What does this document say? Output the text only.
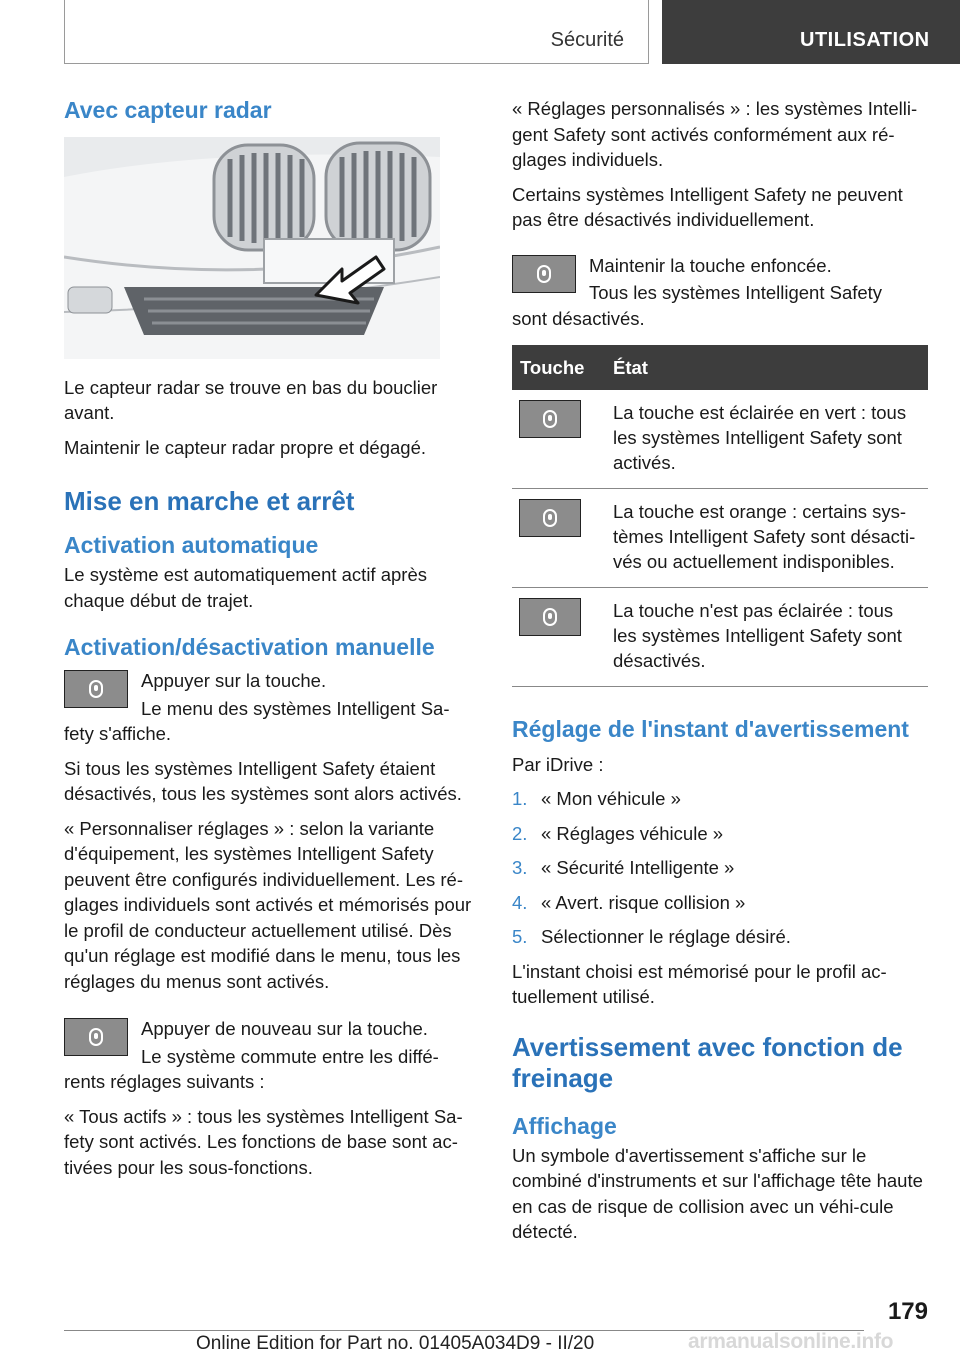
Sécurité	UTILISATION
Avec capteur radar

Le capteur radar se trouve en bas du bouclier avant.

Maintenir le capteur radar propre et dégagé.

Mise en marche et arrêt
Activation automatique

Le système est automatiquement actif après chaque début de trajet.

Activation/désactivation manuelle

Appuyer sur la touche.

Le menu des systèmes Intelligent Sa-

fety s'affiche.

Si tous les systèmes Intelligent Safety étaient désactivés, tous les systèmes sont alors activés.

« Personnaliser réglages » : selon la variante d'équipement, les systèmes Intelligent Safety peuvent être configurés individuellement. Les ré-glages individuels sont activés et mémorisés pour le profil de conducteur actuellement utilisé. Dès qu'un réglage est modifié dans le menu, tous les réglages du menus sont activés.

Appuyer de nouveau sur la touche.

Le système commute entre les diffé-

rents réglages suivants :

« Tous actifs » : tous les systèmes Intelligent Sa-fety sont activés. Les fonctions de base sont ac-tivées pour les sous-fonctions.

« Réglages personnalisés » : les systèmes Intelli-gent Safety sont activés conformément aux ré-glages individuels.

Certains systèmes Intelligent Safety ne peuvent pas être désactivés individuellement.

Maintenir la touche enfoncée.

Tous les systèmes Intelligent Safety

sont désactivés.

Touche	État

	La touche est éclairée en vert : tous les systèmes Intelligent Safety sont activés.

	La touche est orange : certains sys-tèmes Intelligent Safety sont désacti-vés ou actuellement indisponibles.

	La touche n'est pas éclairée : tous les systèmes Intelligent Safety sont désactivés.
Réglage de l'instant d'avertissement

Par iDrive :

1. « Mon véhicule »
2. « Réglages véhicule »
3. « Sécurité Intelligente »
4. « Avert. risque collision »
5. Sélectionner le réglage désiré.

L'instant choisi est mémorisé pour le profil ac-tuellement utilisé.

Avertissement avec fonction de freinage
Affichage

Un symbole d'avertissement s'affiche sur le combiné d'instruments et sur l'affichage tête haute en cas de risque de collision avec un véhi-cule détecté.

179
Online Edition for Part no. 01405A034D9 - II/20	armanualsonline.info
